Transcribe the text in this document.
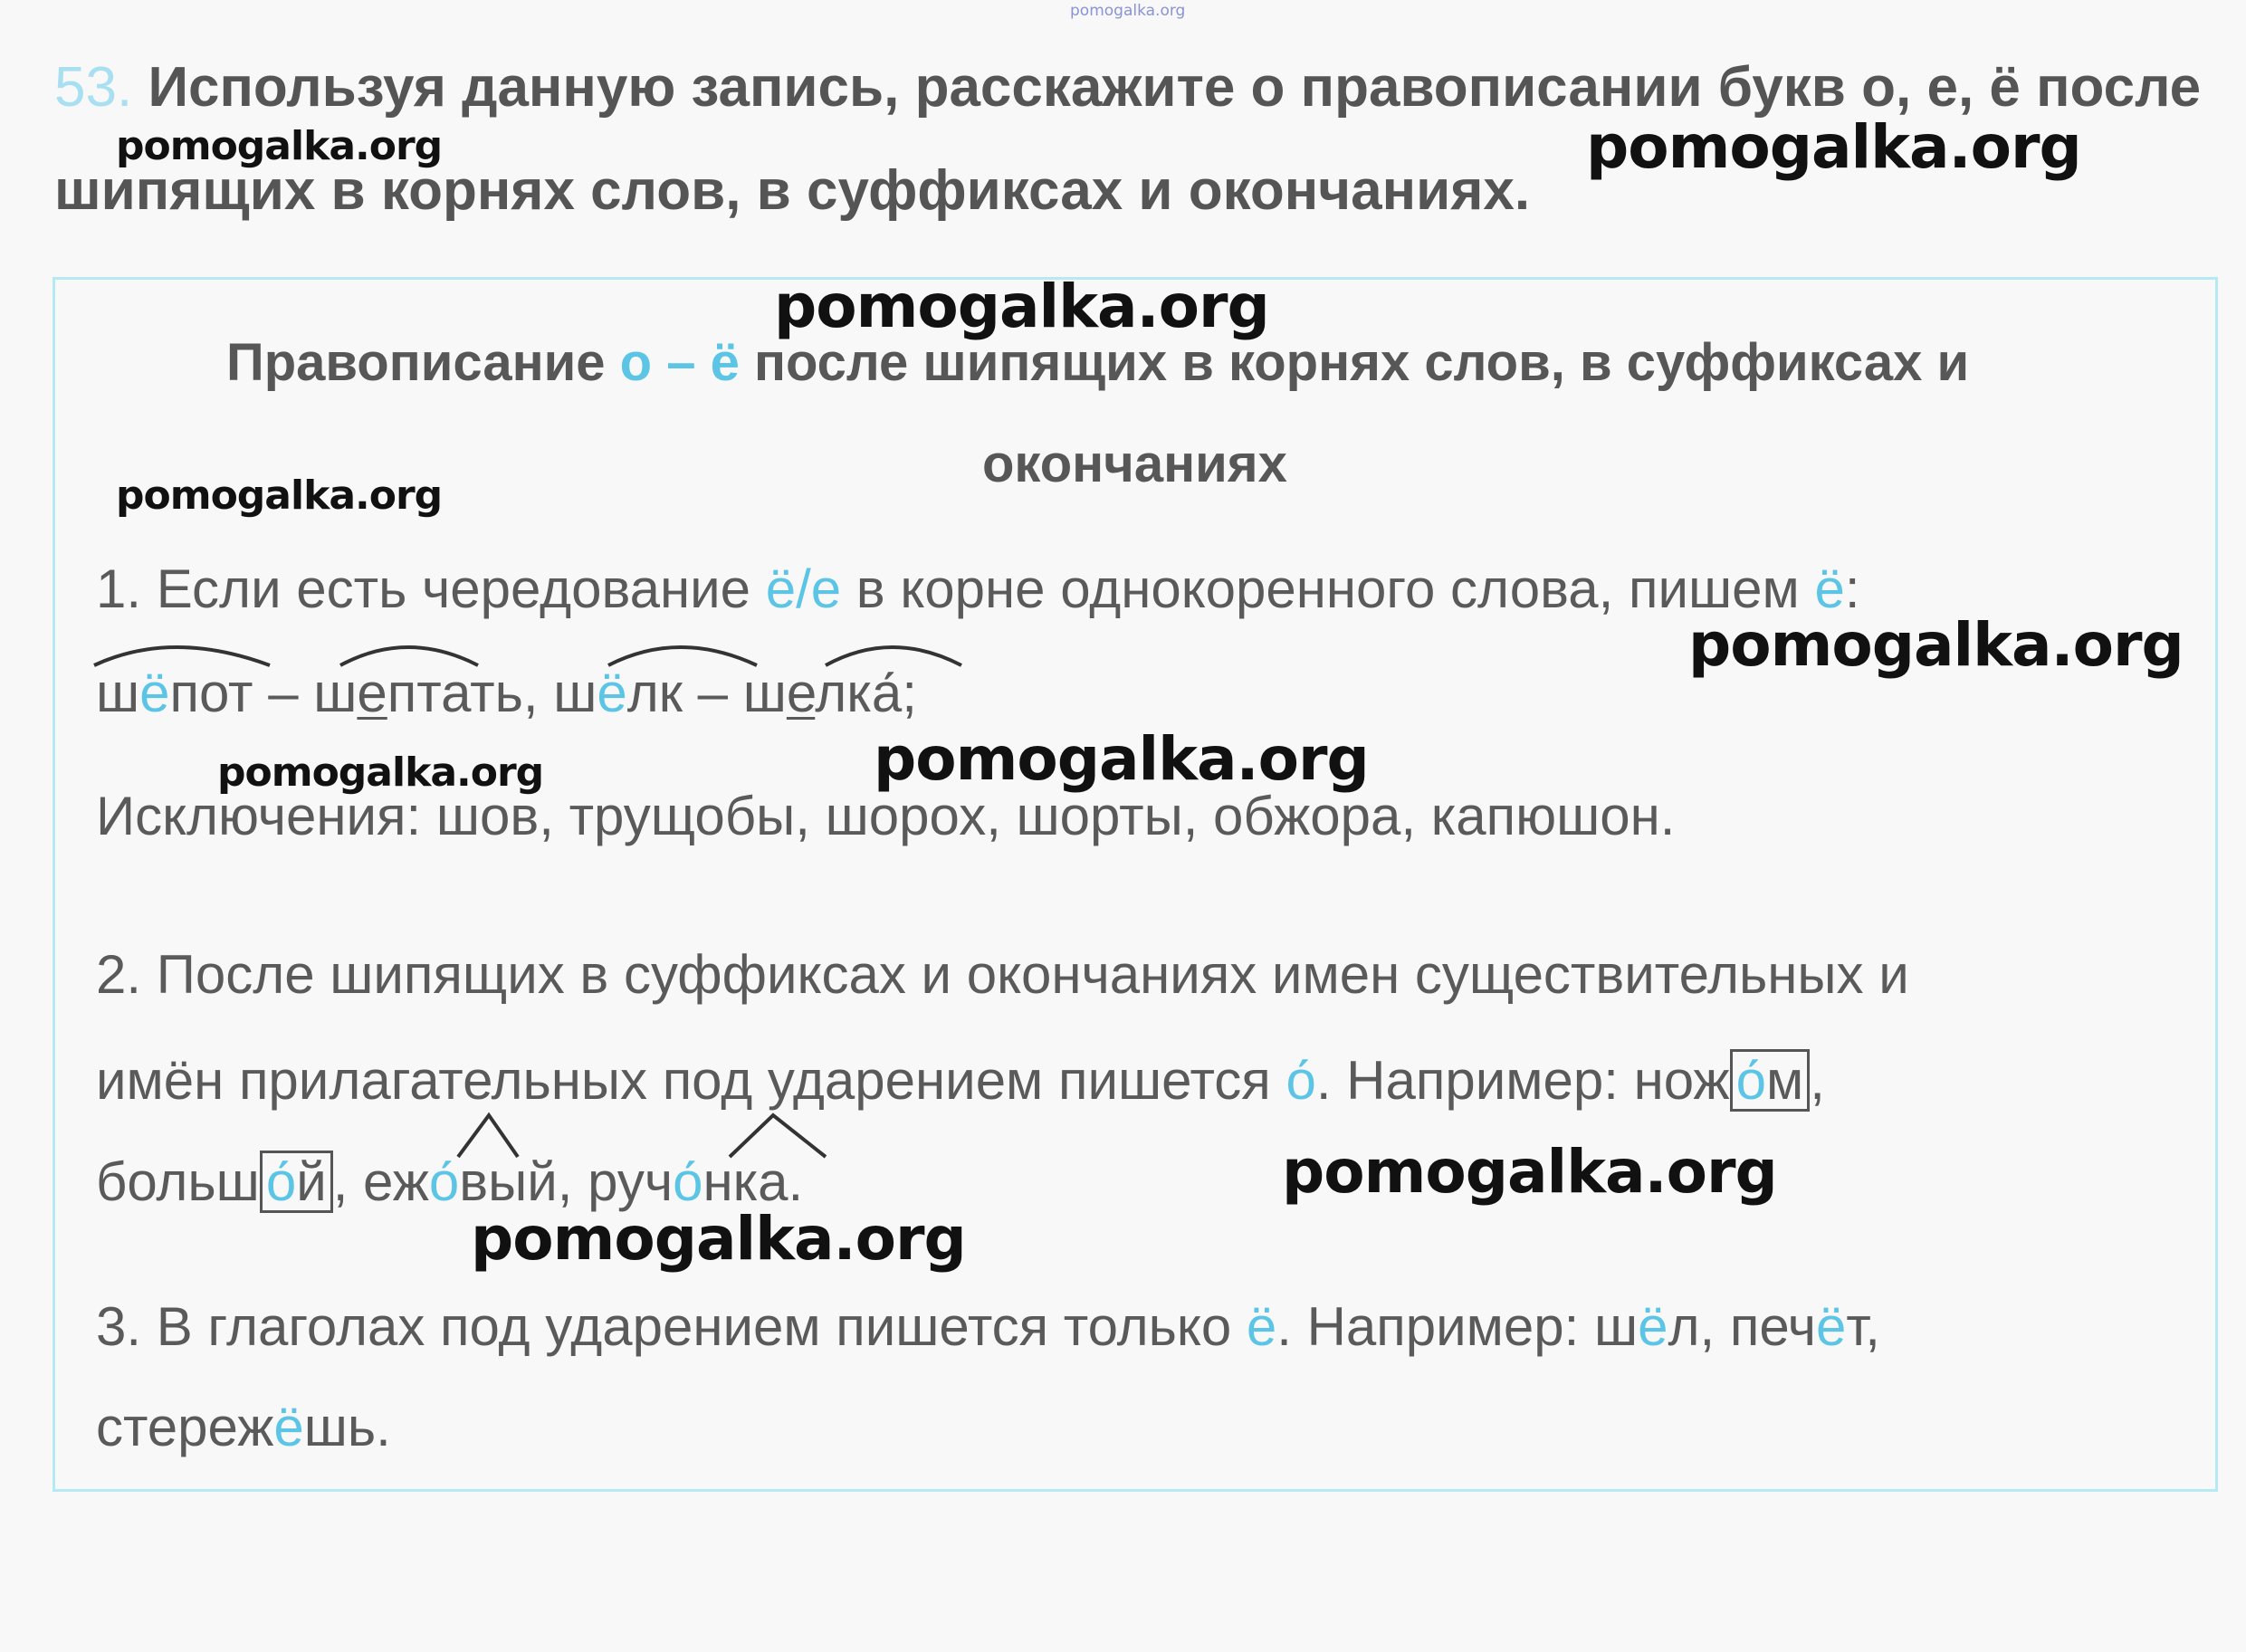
pomogalka.org
53. Используя данную запись, расскажите о правописании букв о, е, ё после
шипящих в корнях слов, в суффиксах и окончаниях.
Правописание о – ё после шипящих в корнях слов, в суффиксах и
окончаниях
1. Если есть чередование ё/е в корне однокоренного слова, пишем ё:
шёпот – шептать, шёлк – шелка́;
Исключения: шов, трущобы, шорох, шорты, обжора, капюшон.
2. После шипящих в суффиксах и окончаниях имен существительных и
имён прилагательных под ударением пишется о́. Например: нож о́м ,
больш о́й , ежо́вый, ручо́нка.
3. В глаголах под ударением пишется только ё. Например: шёл, печёт,
стережёшь.
pomogalka.org	pomogalka.org
pomogalka.org
pomogalka.org
pomogalka.org
pomogalka.org	pomogalka.org
pomogalka.org
pomogalka.org
